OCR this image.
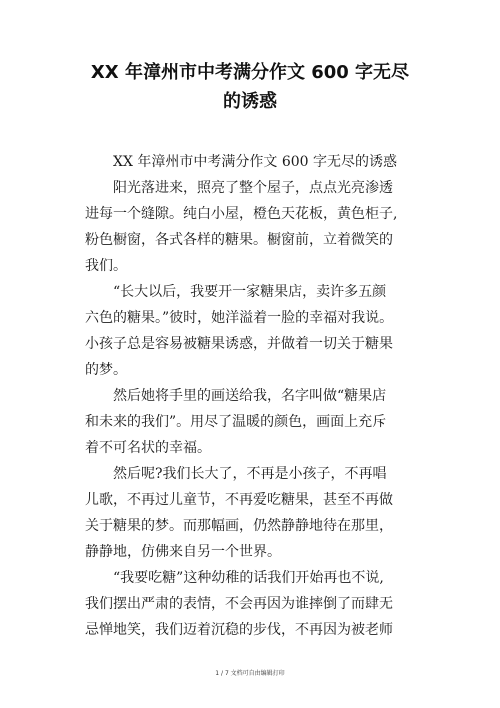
XX 年漳州市中考满分作文 600 字无尽
的诱惑
XX 年漳州市中考满分作文 600 字无尽的诱惑
阳光落进来，照亮了整个屋子，点点光亮渗透
进每一个缝隙。纯白小屋，橙色天花板，黄色柜子,
粉色橱窗，各式各样的糖果。橱窗前，立着微笑的
我们。
“长大以后，我要开一家糖果店，卖许多五颜
六色的糖果。”彼时，她洋溢着一脸的幸福对我说。
小孩子总是容易被糖果诱惑，并做着一切关于糖果
的梦。
然后她将手里的画送给我，名字叫做“糖果店
和未来的我们”。用尽了温暖的颜色，画面上充斥
着不可名状的幸福。
然后呢?我们长大了，不再是小孩子，不再唱
儿歌，不再过儿童节，不再爱吃糖果，甚至不再做
关于糖果的梦。而那幅画，仍然静静地待在那里，
静静地，仿佛来自另一个世界。
“我要吃糖”这种幼稚的话我们开始再也不说,
我们摆出严肃的表情，不会再因为谁摔倒了而肆无
忌惮地笑，我们迈着沉稳的步伐，不再因为被老师
1 / 7 文档可自由编辑打印
